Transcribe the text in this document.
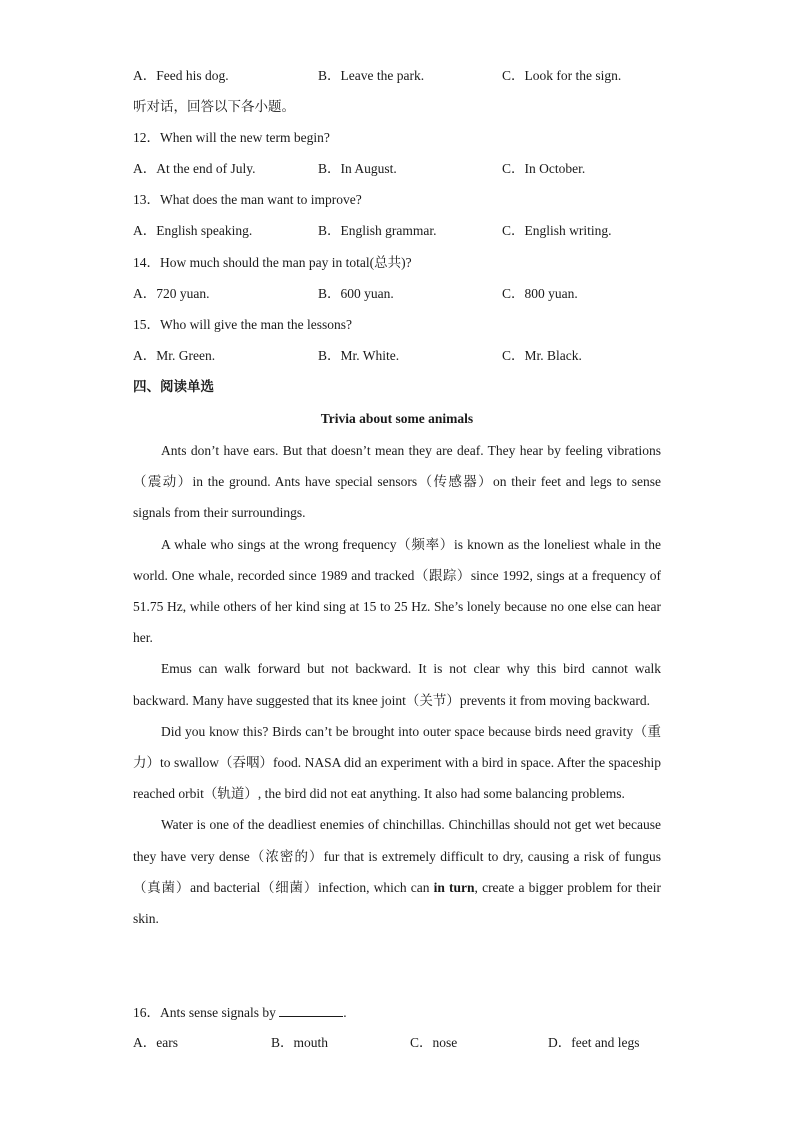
A．Feed his dog.	B．Leave the park.	C．Look for the sign.
听对话，回答以下各小题。
12．When will the new term begin?
A．At the end of July.	B．In August.	C．In October.
13．What does the man want to improve?
A．English speaking.	B．English grammar.	C．English writing.
14．How much should the man pay in total(总共)?
A．720 yuan.	B．600 yuan.	C．800 yuan.
15．Who will give the man the lessons?
A．Mr. Green.	B．Mr. White.	C．Mr. Black.
四、阅读单选
Trivia about some animals

Ants don’t have ears. But that doesn’t mean they are deaf. They hear by feeling vibrations（震动）in the ground. Ants have special sensors（传感器）on their feet and legs to sense signals from their surroundings.

A whale who sings at the wrong frequency（频率）is known as the loneliest whale in the world. One whale, recorded since 1989 and tracked（跟踪）since 1992, sings at a frequency of 51.75 Hz, while others of her kind sing at 15 to 25 Hz. She’s lonely because no one else can hear her.

Emus can walk forward but not backward. It is not clear why this bird cannot walk backward. Many have suggested that its knee joint（关节）prevents it from moving backward.

Did you know this? Birds can’t be brought into outer space because birds need gravity（重力）to swallow（吞咽）food. NASA did an experiment with a bird in space. After the spaceship reached orbit（轨道）, the bird did not eat anything. It also had some balancing problems.

Water is one of the deadliest enemies of chinchillas. Chinchillas should not get wet because they have very dense（浓密的）fur that is extremely difficult to dry, causing a risk of fungus（真菌）and bacterial（细菌）infection, which can in turn, create a bigger problem for their skin.

16．Ants sense signals by	.
A．ears	B．mouth	C．nose	D．feet and legs
